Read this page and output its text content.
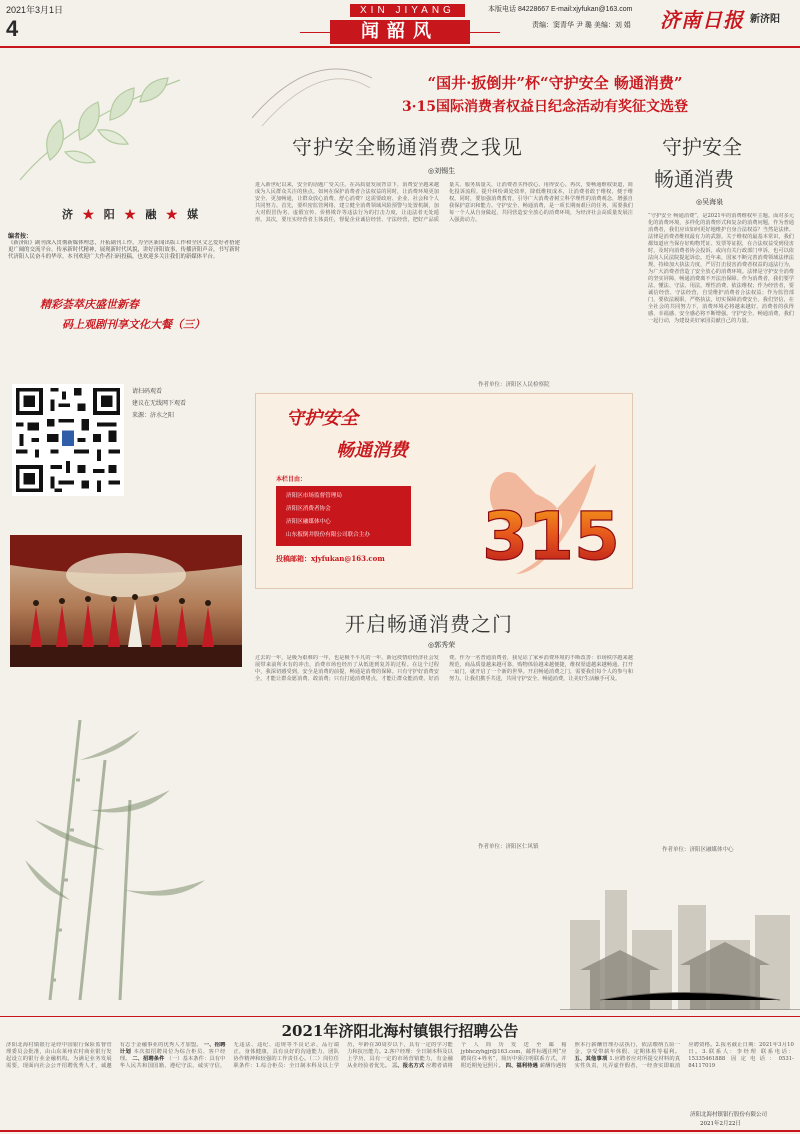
2021年3月1日
4
XIN JIYANG
闻韶风
本版电话 84228667 E-mail:xjyfukan@163.com
责编：窦青华 尹 璐 美编：刘 娟 济南日报 新济阳
济 ★ 阳 ★ 融 ★ 媒
编者按：
《新济阳》副刊深入贯彻新媒体理念，开拓副刊工作，为全区新闻出版工作和全区文艺爱好者搭建更广阔的交流平台。传承新时代精神，展现新时代风貌，讲好济阳故事，传播济阳声音，书写新时代济阳人民奋斗的华章。本刊欢迎广大作者扫码投稿，也欢迎多关注我们的新媒体平台。
精彩荟萃庆盛世新春
码上观剧刊享文化大餐（三）
请扫码观看
建议在无线网下观看
来源：济水之阳
“国井·扳倒井”杯“守护安全 畅通消费”
3·15国际消费者权益日纪念活动有奖征文选登
守护安全畅通消费之我见
◎刘锡生
进入新世纪以来，安全的话题广受关注。在高质量发展背景下，消费安全越来越成为人民群众关注的焦点。如何在保护消费者合法权益的同时，让消费环境更加安全、更加畅通，让群众放心消费、舒心消费？这需要政府、企业、社会和个人共同努力。首先，要织密监管网络，建立健全消费领域风险预警与处置机制，加大对假冒伪劣、虚假宣传、价格欺诈等违法行为的打击力度，让违法者无处遁形。其次，要压实经营者主体责任，督促企业诚信经营、守法经营，把好产品质量关、服务质量关，让消费者买得放心、用得安心。再次，要畅通维权渠道，简化投诉流程，提升纠纷调处效率，降低维权成本，让消费者敢于维权、便于维权。同时，要加强消费教育，引导广大消费者树立科学理性的消费观念，增强自我保护意识和能力。守护安全、畅通消费，是一项长期而艰巨的任务，需要我们每一个人从自身做起，共同营造安全放心的消费环境，为经济社会高质量发展注入强劲动力。
作者单位：济阳区人民检察院
守护安全
畅通消费
本栏目由：
济阳区市场监督管理局
济阳区消费者协会
济阳区融媒体中心
山东扳倒井股份有限公司联合主办
投稿邮箱：xjyfukan@163.com 315
开启畅通消费之门
◎郭秀荣
过去的一年，是极为艰难的一年，也是极不平凡的一年。新冠疫情给经济社会发展带来前所未有的冲击，消费市场也经历了从低迷到复苏的过程。在这个过程中，我深切感受到，安全是消费的前提，畅通是消费的保障。只有守护好消费安全，才能让群众愿消费、敢消费；只有打通消费堵点，才能让群众能消费、好消费。作为一名普通消费者，我见证了家乡消费环境的不断改善：市场秩序越来越规范，商品质量越来越可靠，购物体验越来越便捷，维权渠道越来越畅通。打开一扇门，就开启了一个新的世界。开启畅通消费之门，需要我们每个人的参与和努力。让我们携手共进，共同守护安全、畅通消费，让美好生活触手可及。
作者单位：济阳区仁风镇
守护安全
畅通消费
◎吴海泉
“守护安全 畅通消费”，是2021年的消费维权年主题。面对多元化的消费环境，多样化的消费形式和复杂的消费问题，作为普通消费者，我们应该如何更好地维护自身合法权益？当然是法律。法律是消费者维权最有力的武器。关于维权的最基本常识，我们都知道应当保存好购物凭证、发票等证据，在合法权益受到侵害时，及时向消费者协会投诉，或向有关行政部门申诉，也可以依法向人民法院提起诉讼。近年来，国家不断完善消费领域法律法规，持续加大执法力度，严厉打击侵害消费者权益的违法行为，为广大消费者营造了安全放心的消费环境。法律是守护安全消费的坚实屏障，畅通消费离不开法治保障。作为消费者，我们要学法、懂法、守法、用法，理性消费、依法维权；作为经营者，要诚信经营、守法经营，自觉维护消费者合法权益；作为监管部门，要依法履职、严格执法，切实保障消费安全。我们坚信，在全社会的共同努力下，消费环境必将越来越好，消费者的获得感、幸福感、安全感必将不断增强。守护安全，畅通消费，我们一起行动，为建设美好家园贡献自己的力量。
作者单位：济阳区融媒体中心
2021年济阳北海村镇银行招聘公告
济阳北海村镇银行是经中国银行保险监督管理委员会批准，由山东莱州农村商业银行发起设立的银行业金融机构。为满足业务发展需要，现面向社会公开招聘优秀人才，诚邀有志于金融事业的优秀人才加盟。 一、招聘计划 本次拟招聘岗位为综合柜员、客户经理。 二、招聘条件 （一）基本条件：具有中华人民共和国国籍，遵纪守法，诚实守信，无违法、违纪、违规等不良记录，品行端正，身体健康，具有良好的沟通能力、团队协作精神和较强的工作责任心。（二）岗位任职条件：1.综合柜员：全日制本科及以上学历，年龄在30周岁以下，具有一定的学习能力和抗压能力。2.客户经理：全日制本科及以上学历，具有一定的市场营销能力，有金融从业经验者优先。 三、报名方式 应聘者请将个人简历发送至邮箱jybhczyhgjr@163.com，邮件标题注明“应聘岗位+姓名”，简历中须注明联系方式，并附近期免冠照片。 四、福利待遇 薪酬待遇按照本行薪酬管理办法执行，依法缴纳五险一金，享受带薪年休假、定期体检等福利。 五、其他事项 1.应聘者应对所提交材料的真实性负责，凡弄虚作假者，一经查实即取消应聘资格。2.报名截止日期：2021年3月10日。3.联系人：李经理 联系电话：15335461888 固定电话：0531-84117019
济阳北海村镇银行股份有限公司
2021年2月22日
